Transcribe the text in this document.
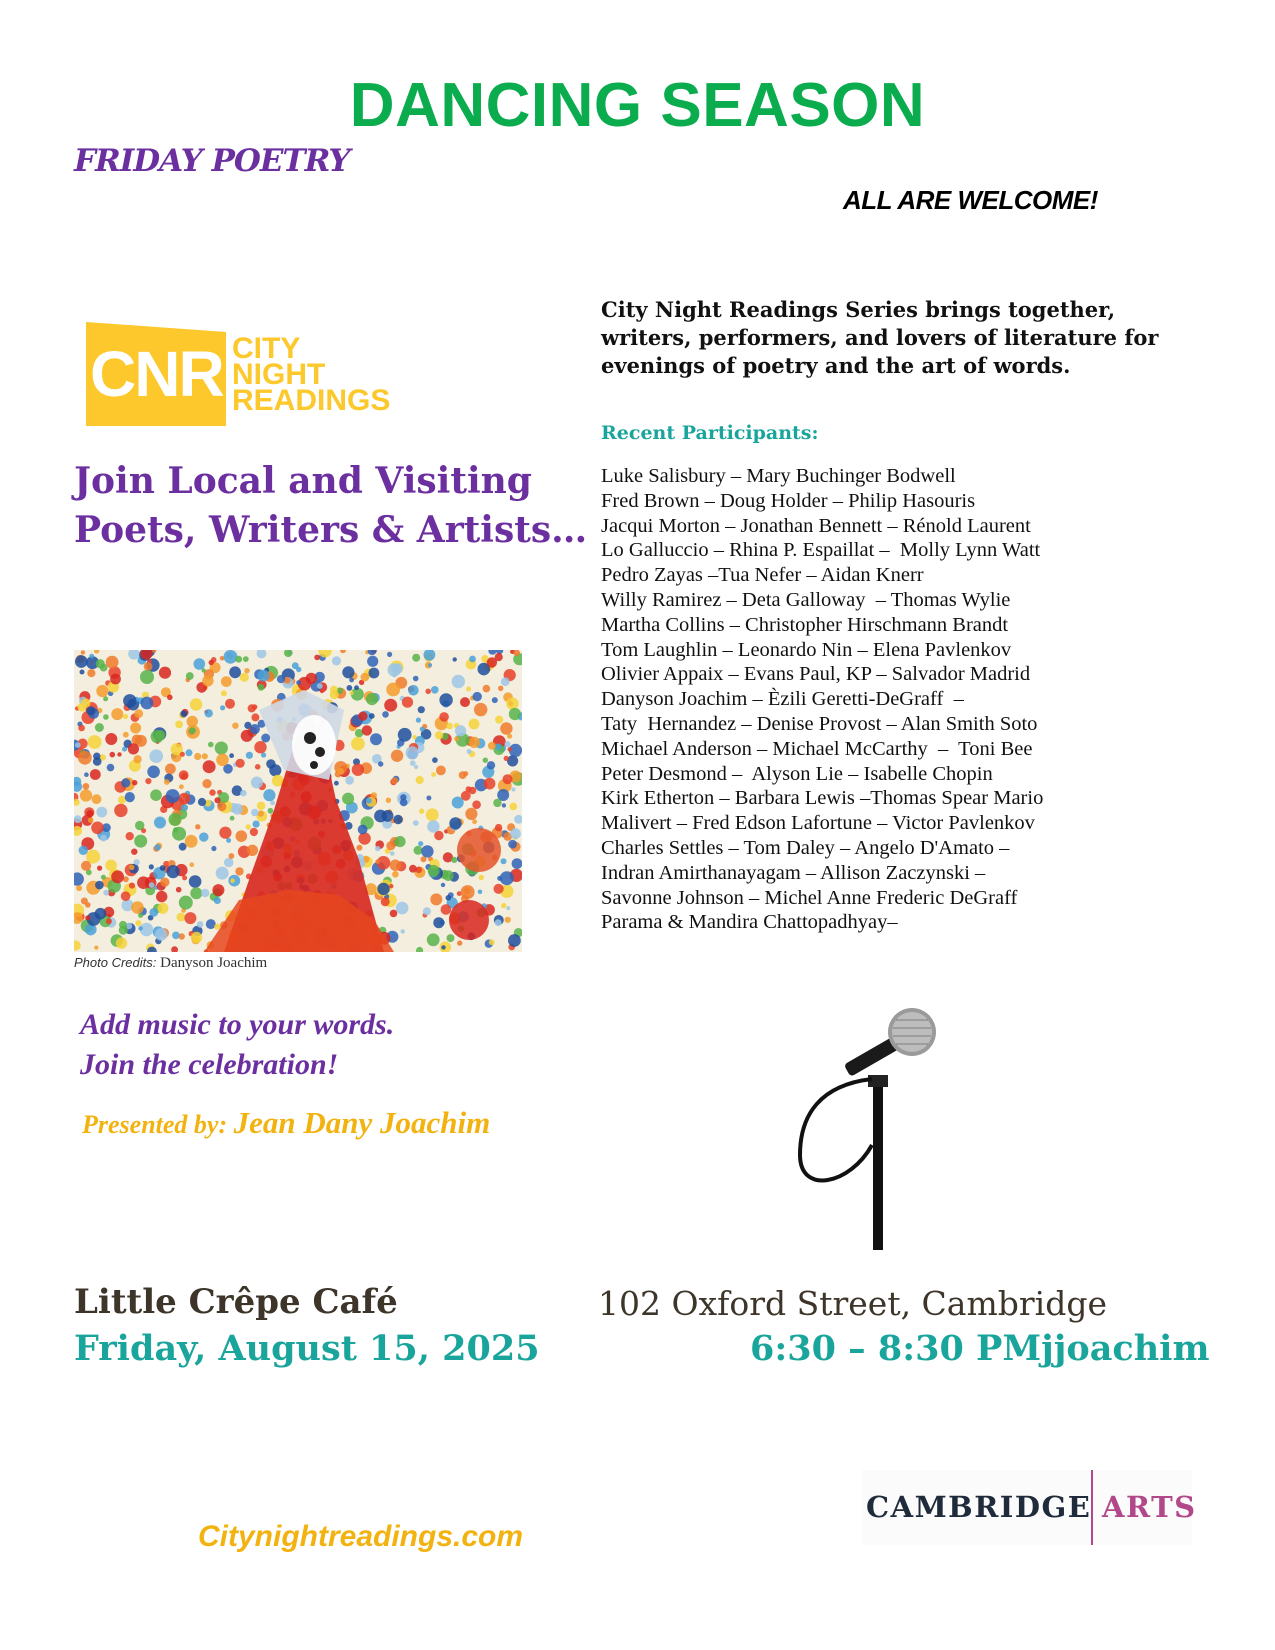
DANCING SEASON
FRIDAY POETRY
ALL ARE WELCOME!
CNR CITY
NIGHT
READINGS
Join Local and Visiting
Poets, Writers & Artists…
Photo Credits: Danyson Joachim
Add music to your words.
Join the celebration!
Presented by: Jean Dany Joachim
City Night Readings Series brings together, writers, performers, and lovers of literature for evenings of poetry and the art of words.
Recent Participants:
Luke Salisbury – Mary Buchinger Bodwell
Fred Brown – Doug Holder – Philip Hasouris
Jacqui Morton – Jonathan Bennett – Rénold Laurent
Lo Galluccio – Rhina P. Espaillat –  Molly Lynn Watt
Pedro Zayas –Tua Nefer – Aidan Knerr
Willy Ramirez – Deta Galloway  – Thomas Wylie
Martha Collins – Christopher Hirschmann Brandt
Tom Laughlin – Leonardo Nin – Elena Pavlenkov
Olivier Appaix – Evans Paul, KP – Salvador Madrid
Danyson Joachim – Èzili Geretti-DeGraff  –
Taty  Hernandez – Denise Provost – Alan Smith Soto
Michael Anderson – Michael McCarthy  –  Toni Bee
Peter Desmond –  Alyson Lie – Isabelle Chopin
Kirk Etherton – Barbara Lewis –Thomas Spear Mario
Malivert – Fred Edson Lafortune – Victor Pavlenkov
Charles Settles – Tom Daley – Angelo D'Amato –
Indran Amirthanayagam – Allison Zaczynski –
Savonne Johnson – Michel Anne Frederic DeGraff
Parama & Mandira Chattopadhyay–
Little Crêpe Café	102 Oxford Street, Cambridge
Friday, August 15, 2025	6:30 – 8:30 PMjjoachim
Citynightreadings.com
CAMBRIDGE ARTS
